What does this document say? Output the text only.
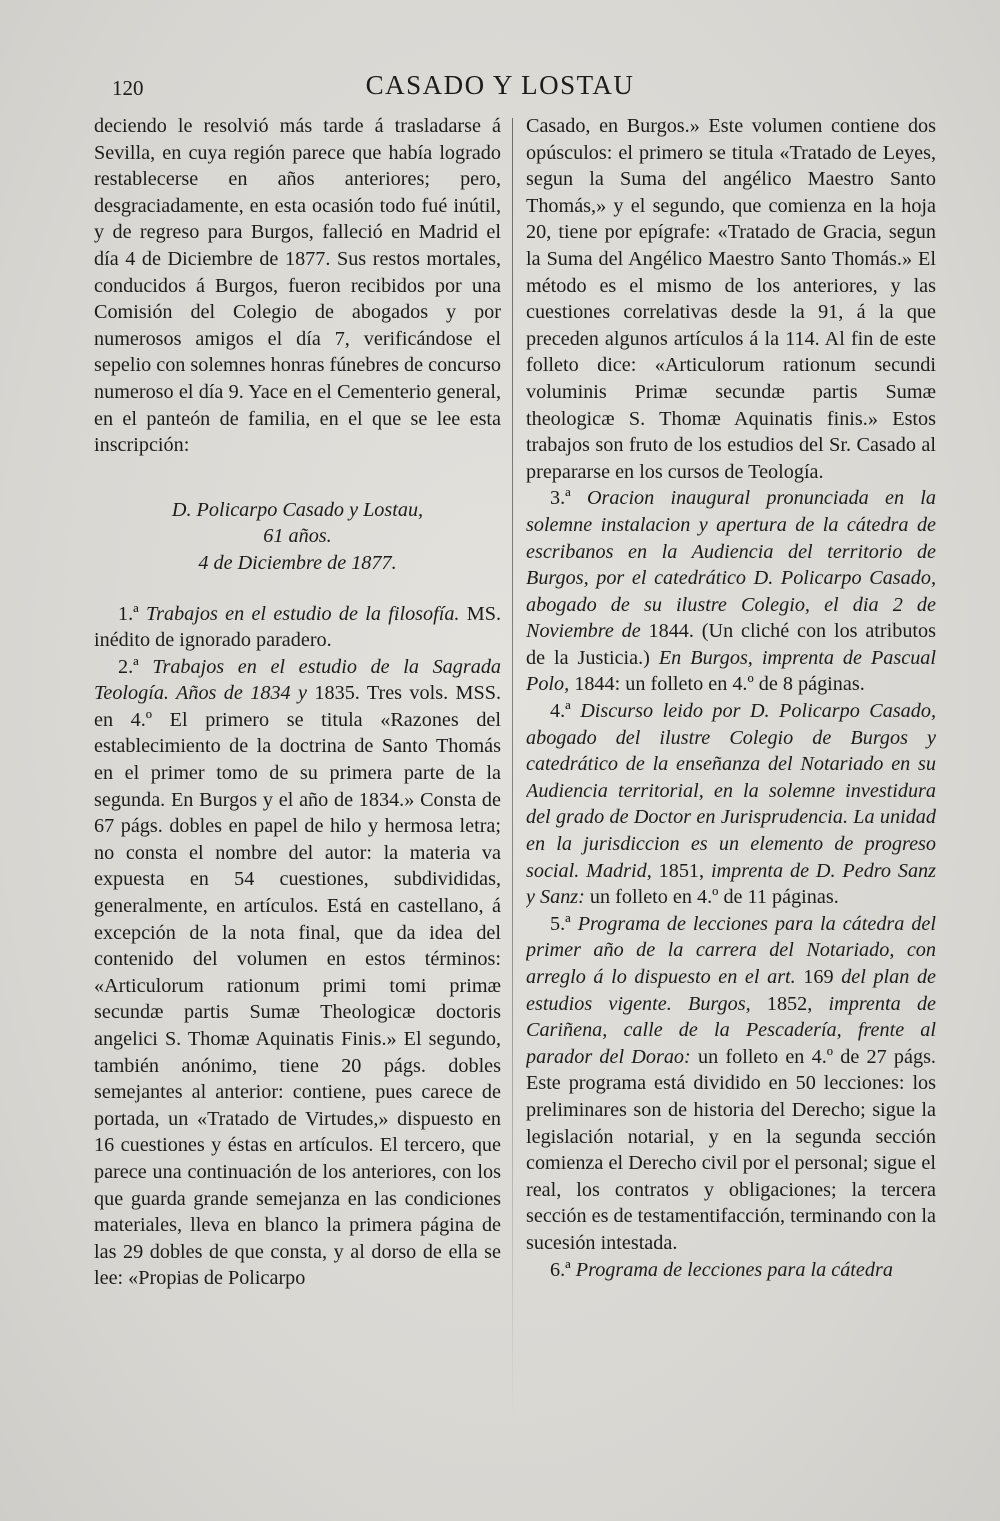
120	CASADO Y LOSTAU

deciendo le resolvió más tarde á trasladarse á Sevilla, en cuya región parece que había logrado restablecerse en años anteriores; pero, desgraciadamente, en esta ocasión todo fué inútil, y de regreso para Burgos, falleció en Madrid el día 4 de Diciembre de 1877. Sus restos mortales, conducidos á Burgos, fueron recibidos por una Comisión del Colegio de abogados y por numerosos amigos el día 7, verificándose el sepelio con solemnes honras fúnebres de concurso numeroso el día 9. Yace en el Cementerio general, en el panteón de familia, en el que se lee esta inscripción:

D. Policarpo Casado y Lostau,
61 años.
4 de Diciembre de 1877.

1.ª Trabajos en el estudio de la filosofía. MS. inédito de ignorado paradero.

2.ª Trabajos en el estudio de la Sagrada Teología. Años de 1834 y 1835. Tres vols. MSS. en 4.º El primero se titula «Razones del establecimiento de la doctrina de Santo Thomás en el primer tomo de su primera parte de la segunda. En Burgos y el año de 1834.» Consta de 67 págs. dobles en papel de hilo y hermosa letra; no consta el nombre del autor: la materia va expuesta en 54 cuestiones, subdivididas, generalmente, en artículos. Está en castellano, á excepción de la nota final, que da idea del contenido del volumen en estos términos: «Articulorum rationum primi tomi primæ secundæ partis Sumæ Theologicæ doctoris angelici S. Thomæ Aquinatis Finis.» El segundo, también anónimo, tiene 20 págs. dobles semejantes al anterior: contiene, pues carece de portada, un «Tratado de Virtudes,» dispuesto en 16 cuestiones y éstas en artículos. El tercero, que parece una continuación de los anteriores, con los que guarda grande semejanza en las condiciones materiales, lleva en blanco la primera página de las 29 dobles de que consta, y al dorso de ella se lee: «Propias de Policarpo

Casado, en Burgos.» Este volumen contiene dos opúsculos: el primero se titula «Tratado de Leyes, segun la Suma del angélico Maestro Santo Thomás,» y el segundo, que comienza en la hoja 20, tiene por epígrafe: «Tratado de Gracia, segun la Suma del Angélico Maestro Santo Thomás.» El método es el mismo de los anteriores, y las cuestiones correlativas desde la 91, á la que preceden algunos artículos á la 114. Al fin de este folleto dice: «Articulorum rationum secundi voluminis Primæ secundæ partis Sumæ theologicæ S. Thomæ Aquinatis finis.» Estos trabajos son fruto de los estudios del Sr. Casado al prepararse en los cursos de Teología.

3.ª Oracion inaugural pronunciada en la solemne instalacion y apertura de la cátedra de escribanos en la Audiencia del territorio de Burgos, por el catedrático D. Policarpo Casado, abogado de su ilustre Colegio, el dia 2 de Noviembre de 1844. (Un cliché con los atributos de la Justicia.) En Burgos, imprenta de Pascual Polo, 1844: un folleto en 4.º de 8 páginas.

4.ª Discurso leido por D. Policarpo Casado, abogado del ilustre Colegio de Burgos y catedrático de la enseñanza del Notariado en su Audiencia territorial, en la solemne investidura del grado de Doctor en Jurisprudencia. La unidad en la jurisdiccion es un elemento de progreso social. Madrid, 1851, imprenta de D. Pedro Sanz y Sanz: un folleto en 4.º de 11 páginas.

5.ª Programa de lecciones para la cátedra del primer año de la carrera del Notariado, con arreglo á lo dispuesto en el art. 169 del plan de estudios vigente. Burgos, 1852, imprenta de Cariñena, calle de la Pescadería, frente al parador del Dorao: un folleto en 4.º de 27 págs. Este programa está dividido en 50 lecciones: los preliminares son de historia del Derecho; sigue la legislación notarial, y en la segunda sección comienza el Derecho civil por el personal; sigue el real, los contratos y obligaciones; la tercera sección es de testamentifacción, terminando con la sucesión intestada.

6.ª Programa de lecciones para la cátedra
